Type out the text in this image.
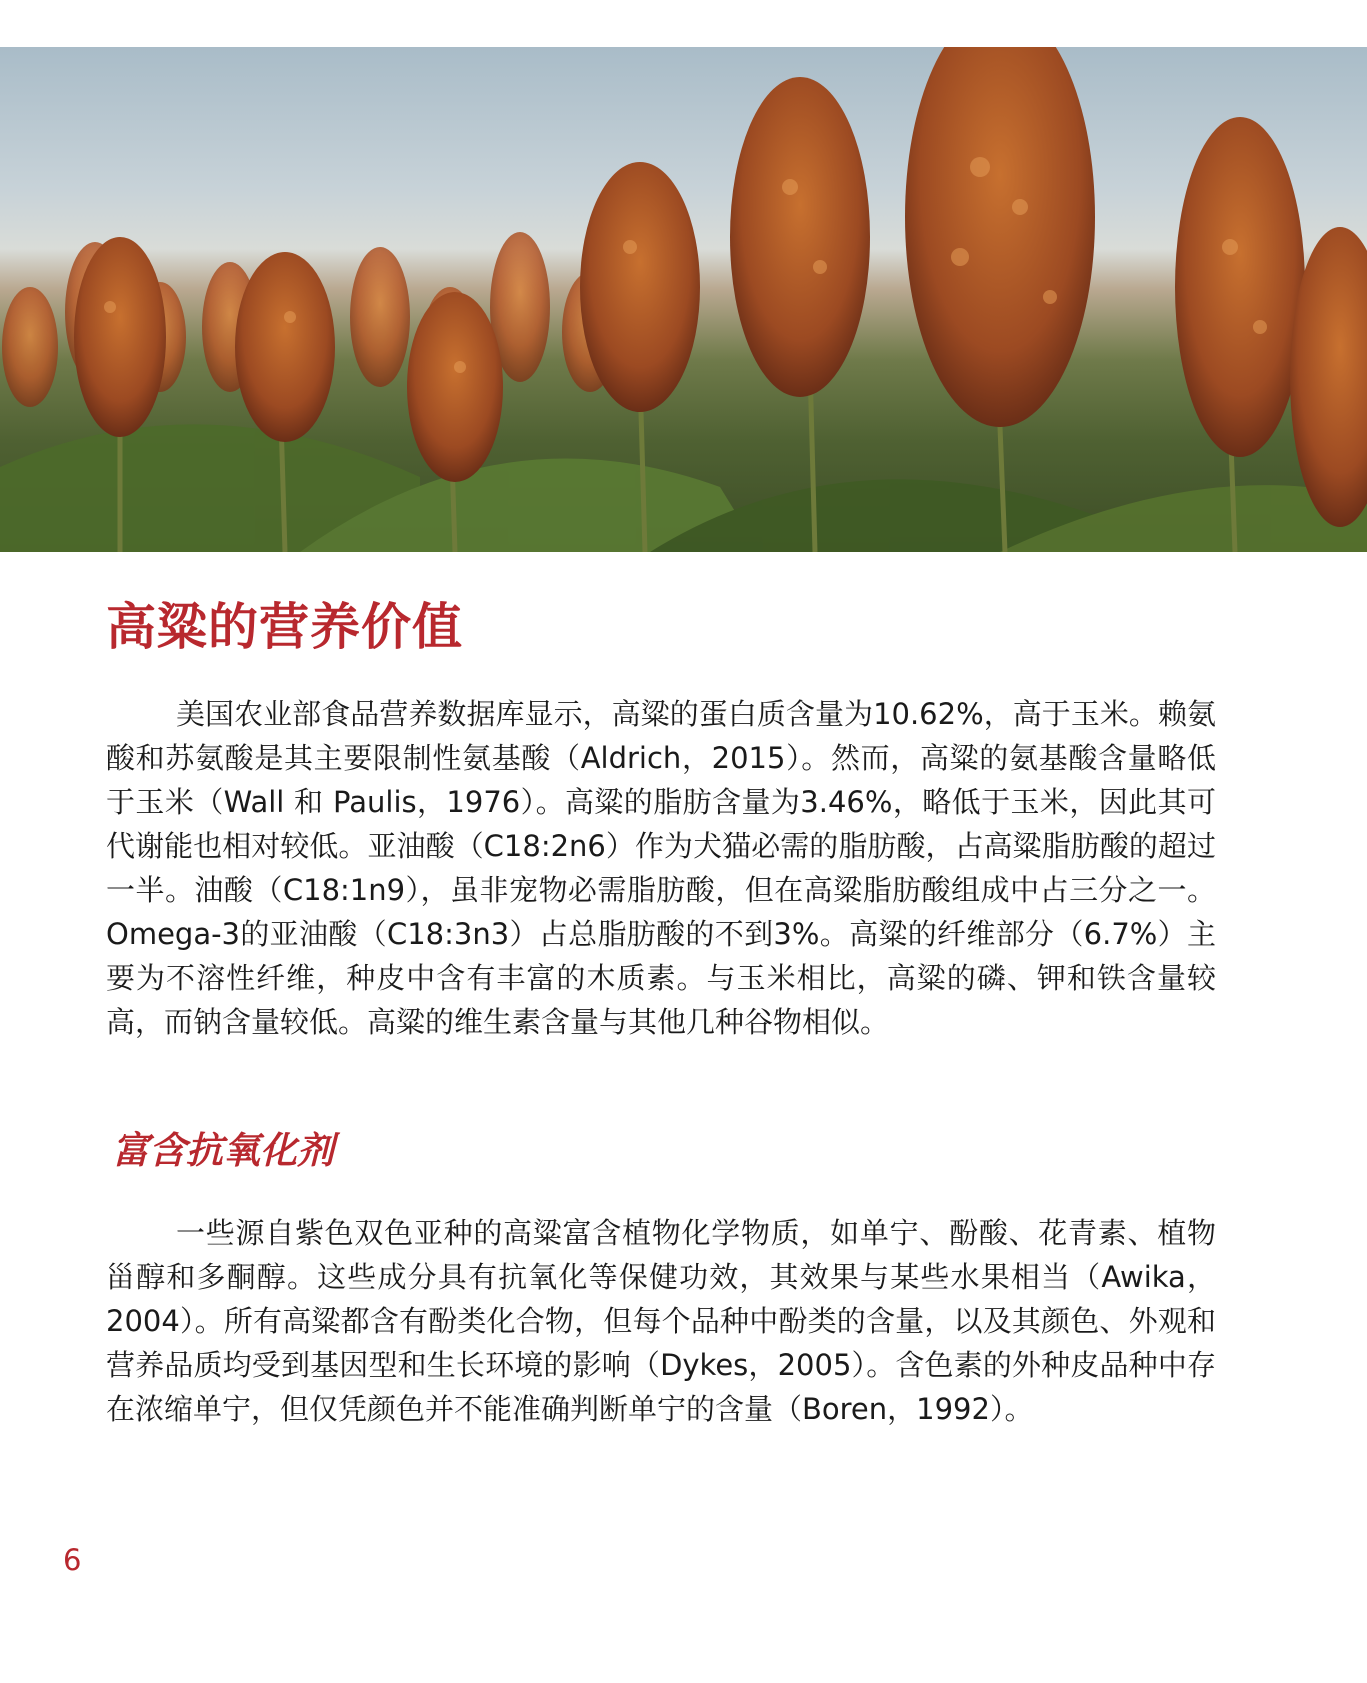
高粱的营养价值

美国农业部食品营养数据库显示，高粱的蛋白质含量为10.62%，高于玉米。赖氨酸和苏氨酸是其主要限制性氨基酸（Aldrich，2015）。然而，高粱的氨基酸含量略低于玉米（Wall 和 Paulis，1976）。高粱的脂肪含量为3.46%，略低于玉米，因此其可代谢能也相对较低。亚油酸（C18:2n6）作为犬猫必需的脂肪酸，占高粱脂肪酸的超过一半。油酸（C18:1n9），虽非宠物必需脂肪酸，但在高粱脂肪酸组成中占三分之一。Omega-3的亚油酸（C18:3n3）占总脂肪酸的不到3%。高粱的纤维部分（6.7%）主要为不溶性纤维，种皮中含有丰富的木质素。与玉米相比，高粱的磷、钾和铁含量较高，而钠含量较低。高粱的维生素含量与其他几种谷物相似。

富含抗氧化剂

一些源自紫色双色亚种的高粱富含植物化学物质，如单宁、酚酸、花青素、植物甾醇和多酮醇。这些成分具有抗氧化等保健功效，其效果与某些水果相当（Awika，2004）。所有高粱都含有酚类化合物，但每个品种中酚类的含量，以及其颜色、外观和营养品质均受到基因型和生长环境的影响（Dykes，2005）。含色素的外种皮品种中存在浓缩单宁，但仅凭颜色并不能准确判断单宁的含量（Boren，1992）。

6
